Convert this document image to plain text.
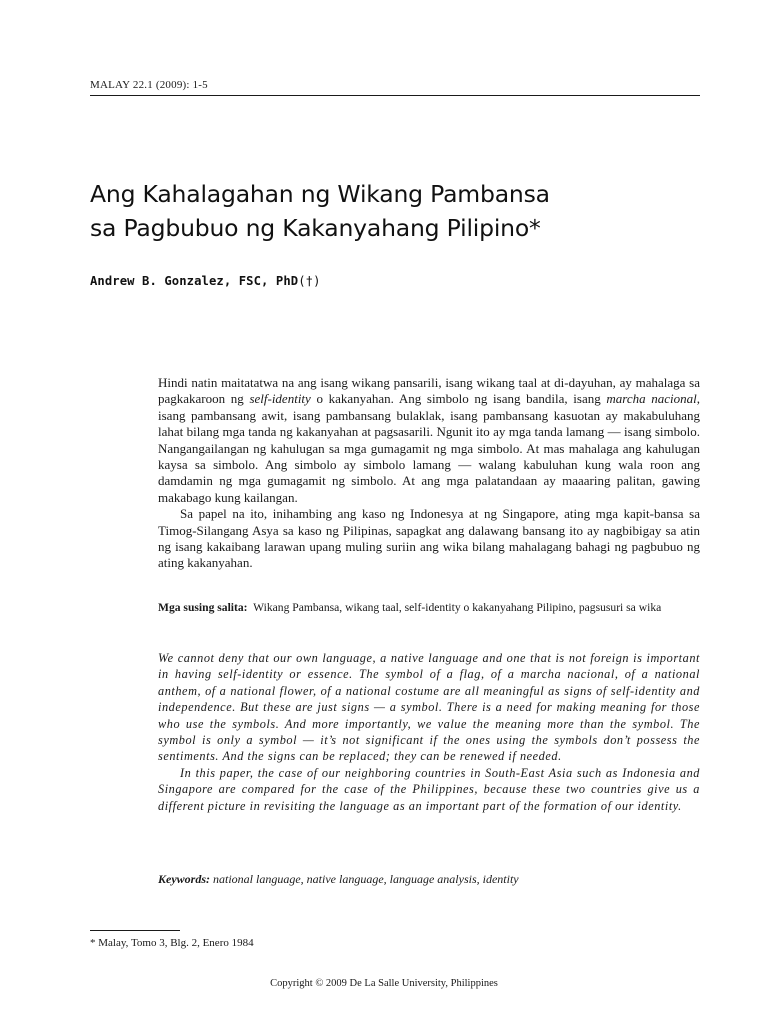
MALAY 22.1 (2009): 1-5
Ang Kahalagahan ng Wikang Pambansa
sa Pagbubuo ng Kakanyahang Pilipino*
Andrew B. Gonzalez, FSC, PhD(†)

Hindi natin maitatatwa na ang isang wikang pansarili, isang wikang taal at di-dayuhan, ay mahalaga sa pagkakaroon ng self-identity o kakanyahan. Ang simbolo ng isang bandila, isang marcha nacional, isang pambansang awit, isang pambansang bulaklak, isang pambansang kasuotan ay makabuluhang lahat bilang mga tanda ng kakanyahan at pagsasarili. Ngunit ito ay mga tanda lamang — isang simbolo. Nangangailangan ng kahulugan sa mga gumagamit ng mga simbolo. At mas mahalaga ang kahulugan kaysa sa simbolo. Ang simbolo ay simbolo lamang — walang kabuluhan kung wala roon ang damdamin ng mga gumagamit ng simbolo. At ang mga palatandaan ay maaaring palitan, gawing makabago kung kailangan.

Sa papel na ito, inihambing ang kaso ng Indonesya at ng Singapore, ating mga kapit-bansa sa Timog-Silangang Asya sa kaso ng Pilipinas, sapagkat ang dalawang bansang ito ay nagbibigay sa atin ng isang kakaibang larawan upang muling suriin ang wika bilang mahalagang bahagi ng pagbubuo ng ating kakanyahan.

Mga susing salita: Wikang Pambansa, wikang taal, self-identity o kakanyahang Pilipino, pagsusuri sa wika

We cannot deny that our own language, a native language and one that is not foreign is important in having self-identity or essence. The symbol of a flag, of a marcha nacional, of a national anthem, of a national flower, of a national costume are all meaningful as signs of self-identity and independence. But these are just signs — a symbol. There is a need for making meaning for those who use the symbols. And more importantly, we value the meaning more than the symbol. The symbol is only a symbol — it’s not significant if the ones using the symbols don’t possess the sentiments. And the signs can be replaced; they can be renewed if needed.

In this paper, the case of our neighboring countries in South-East Asia such as Indonesia and Singapore are compared for the case of the Philippines, because these two countries give us a different picture in revisiting the language as an important part of the formation of our identity.

Keywords: national language, native language, language analysis, identity
* Malay, Tomo 3, Blg. 2, Enero 1984
Copyright © 2009 De La Salle University, Philippines
